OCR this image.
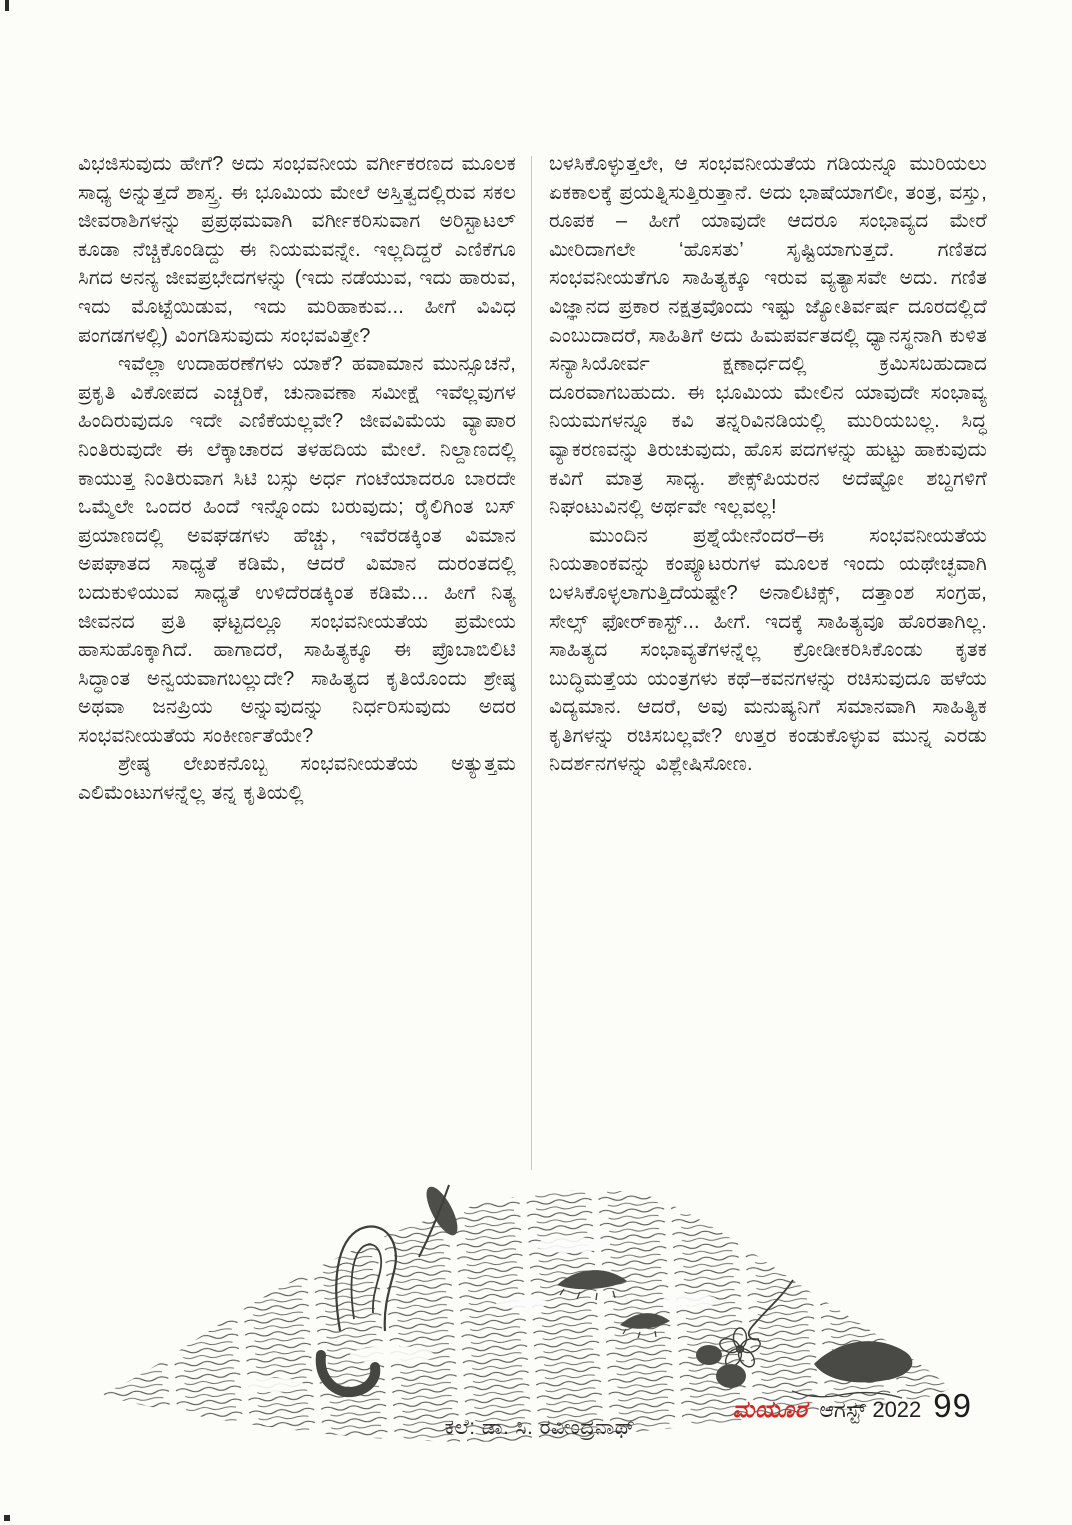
ವಿಭಜಿಸುವುದು ಹೇಗೆ? ಅದು ಸಂಭವನೀಯ ವರ್ಗೀಕರಣದ ಮೂಲಕ ಸಾಧ್ಯ ಅನ್ನುತ್ತದೆ ಶಾಸ್ತ್ರ. ಈ ಭೂಮಿಯ ಮೇಲೆ ಅಸ್ತಿತ್ವದಲ್ಲಿರುವ ಸಕಲ ಜೀವರಾಶಿಗಳನ್ನು ಪ್ರಪ್ರಥಮವಾಗಿ ವರ್ಗೀಕರಿಸುವಾಗ ಅರಿಸ್ಟಾಟಲ್ ಕೂಡಾ ನೆಚ್ಚಿಕೊಂಡಿದ್ದು ಈ ನಿಯಮವನ್ನೇ. ಇಲ್ಲದಿದ್ದರೆ ಎಣಿಕೆಗೂ ಸಿಗದ ಅನನ್ಯ ಜೀವಪ್ರಭೇದಗಳನ್ನು (ಇದು ನಡೆಯುವ, ಇದು ಹಾರುವ, ಇದು ಮೊಟ್ಟೆಯಿಡುವ, ಇದು ಮರಿಹಾಕುವ... ಹೀಗೆ ವಿವಿಧ ಪಂಗಡಗಳಲ್ಲಿ) ವಿಂಗಡಿಸುವುದು ಸಂಭವವಿತ್ತೇ?

ಇವೆಲ್ಲಾ ಉದಾಹರಣೆಗಳು ಯಾಕೆ? ಹವಾಮಾನ ಮುನ್ಸೂಚನೆ, ಪ್ರಕೃತಿ ವಿಕೋಪದ ಎಚ್ಚರಿಕೆ, ಚುನಾವಣಾ ಸಮೀಕ್ಷೆ ಇವೆಲ್ಲವುಗಳ ಹಿಂದಿರುವುದೂ ಇದೇ ಎಣಿಕೆಯಲ್ಲವೇ? ಜೀವವಿಮೆಯ ವ್ಯಾಪಾರ ನಿಂತಿರುವುದೇ ಈ ಲೆಕ್ಕಾಚಾರದ ತಳಹದಿಯ ಮೇಲೆ. ನಿಲ್ದಾಣದಲ್ಲಿ ಕಾಯುತ್ತ ನಿಂತಿರುವಾಗ ಸಿಟಿ ಬಸ್ಸು ಅರ್ಧ ಗಂಟೆಯಾದರೂ ಬಾರದೇ ಒಮ್ಮೆಲೇ ಒಂದರ ಹಿಂದೆ ಇನ್ನೊಂದು ಬರುವುದು; ರೈಲಿಗಿಂತ ಬಸ್ ಪ್ರಯಾಣದಲ್ಲಿ ಅವಘಡಗಳು ಹೆಚ್ಚು, ಇವೆರಡಕ್ಕಿಂತ ವಿಮಾನ ಅಪಘಾತದ ಸಾಧ್ಯತೆ ಕಡಿಮೆ, ಆದರೆ ವಿಮಾನ ದುರಂತದಲ್ಲಿ ಬದುಕುಳಿಯುವ ಸಾಧ್ಯತೆ ಉಳಿದೆರಡಕ್ಕಿಂತ ಕಡಿಮೆ... ಹೀಗೆ ನಿತ್ಯ ಜೀವನದ ಪ್ರತಿ ಘಟ್ಟದಲ್ಲೂ ಸಂಭವನೀಯತೆಯ ಪ್ರಮೇಯ ಹಾಸುಹೊಕ್ಕಾಗಿದೆ. ಹಾಗಾದರೆ, ಸಾಹಿತ್ಯಕ್ಕೂ ಈ ಪ್ರೊಬಾಬಿಲಿಟಿ ಸಿದ್ಧಾಂತ ಅನ್ವಯವಾಗಬಲ್ಲುದೇ? ಸಾಹಿತ್ಯದ ಕೃತಿಯೊಂದು ಶ್ರೇಷ್ಠ ಅಥವಾ ಜನಪ್ರಿಯ ಅನ್ನುವುದನ್ನು ನಿರ್ಧರಿಸುವುದು ಅದರ ಸಂಭವನೀಯತೆಯ ಸಂಕೀರ್ಣತೆಯೇ?

ಶ್ರೇಷ್ಠ ಲೇಖಕನೊಬ್ಬ ಸಂಭವನೀಯತೆಯ ಅತ್ಯುತ್ತಮ ಎಲಿಮೆಂಟುಗಳನ್ನೆಲ್ಲ ತನ್ನ ಕೃತಿಯಲ್ಲಿ

ಬಳಸಿಕೊಳ್ಳುತ್ತಲೇ, ಆ ಸಂಭವನೀಯತೆಯ ಗಡಿಯನ್ನೂ ಮುರಿಯಲು ಏಕಕಾಲಕ್ಕೆ ಪ್ರಯತ್ನಿಸುತ್ತಿರುತ್ತಾನೆ. ಅದು ಭಾಷೆಯಾಗಲೀ, ತಂತ್ರ, ವಸ್ತು, ರೂಪಕ – ಹೀಗೆ ಯಾವುದೇ ಆದರೂ ಸಂಭಾವ್ಯದ ಮೇರೆ ಮೀರಿದಾಗಲೇ ‘ಹೊಸತು’ ಸೃಷ್ಟಿಯಾಗುತ್ತದೆ. ಗಣಿತದ ಸಂಭವನೀಯತೆಗೂ ಸಾಹಿತ್ಯಕ್ಕೂ ಇರುವ ವ್ಯತ್ಯಾಸವೇ ಅದು. ಗಣಿತ ವಿಜ್ಞಾನದ ಪ್ರಕಾರ ನಕ್ಷತ್ರವೊಂದು ಇಷ್ಟು ಜ್ಯೋತಿರ್ವರ್ಷ ದೂರದಲ್ಲಿದೆ ಎಂಬುದಾದರೆ, ಸಾಹಿತಿಗೆ ಅದು ಹಿಮಪರ್ವತದಲ್ಲಿ ಧ್ಯಾನಸ್ಥನಾಗಿ ಕುಳಿತ ಸನ್ಯಾಸಿಯೋರ್ವ ಕ್ಷಣಾರ್ಧದಲ್ಲಿ ಕ್ರಮಿಸಬಹುದಾದ ದೂರವಾಗಬಹುದು. ಈ ಭೂಮಿಯ ಮೇಲಿನ ಯಾವುದೇ ಸಂಭಾವ್ಯ ನಿಯಮಗಳನ್ನೂ ಕವಿ ತನ್ನರಿವಿನಡಿಯಲ್ಲಿ ಮುರಿಯಬಲ್ಲ. ಸಿದ್ಧ ವ್ಯಾಕರಣವನ್ನು ತಿರುಚುವುದು, ಹೊಸ ಪದಗಳನ್ನು ಹುಟ್ಟು ಹಾಕುವುದು ಕವಿಗೆ ಮಾತ್ರ ಸಾಧ್ಯ. ಶೇಕ್ಸ್‌ಪಿಯರನ ಅದೆಷ್ಟೋ ಶಬ್ದಗಳಿಗೆ ನಿಘಂಟುವಿನಲ್ಲಿ ಅರ್ಥವೇ ಇಲ್ಲವಲ್ಲ!

ಮುಂದಿನ ಪ್ರಶ್ನೆಯೇನೆಂದರೆ–ಈ ಸಂಭವನೀಯತೆಯ ನಿಯತಾಂಕವನ್ನು ಕಂಪ್ಯೂಟರುಗಳ ಮೂಲಕ ಇಂದು ಯಥೇಚ್ಛವಾಗಿ ಬಳಸಿಕೊಳ್ಳಲಾಗುತ್ತಿದೆಯಷ್ಟೇ? ಅನಾಲಿಟಿಕ್ಸ್, ದತ್ತಾಂಶ ಸಂಗ್ರಹ, ಸೇಲ್ಸ್ ಫೋರ್‌ಕಾಸ್ಟ್... ಹೀಗೆ. ಇದಕ್ಕೆ ಸಾಹಿತ್ಯವೂ ಹೊರತಾಗಿಲ್ಲ. ಸಾಹಿತ್ಯದ ಸಂಭಾವ್ಯತೆಗಳನ್ನೆಲ್ಲ ಕ್ರೋಡೀಕರಿಸಿಕೊಂಡು ಕೃತಕ ಬುದ್ಧಿಮತ್ತೆಯ ಯಂತ್ರಗಳು ಕಥೆ–ಕವನಗಳನ್ನು ರಚಿಸುವುದೂ ಹಳೆಯ ವಿದ್ಯಮಾನ. ಆದರೆ, ಅವು ಮನುಷ್ಯನಿಗೆ ಸಮಾನವಾಗಿ ಸಾಹಿತ್ಯಿಕ ಕೃತಿಗಳನ್ನು ರಚಿಸಬಲ್ಲವೇ? ಉತ್ತರ ಕಂಡುಕೊಳ್ಳುವ ಮುನ್ನ ಎರಡು ನಿದರ್ಶನಗಳನ್ನು ವಿಶ್ಲೇಷಿಸೋಣ.

ಕಲೆ: ಡಾ. ಸಿ. ರವೀಂದ್ರನಾಥ್
ಮಯೂರ ಆಗಸ್ಟ್ 2022 99
